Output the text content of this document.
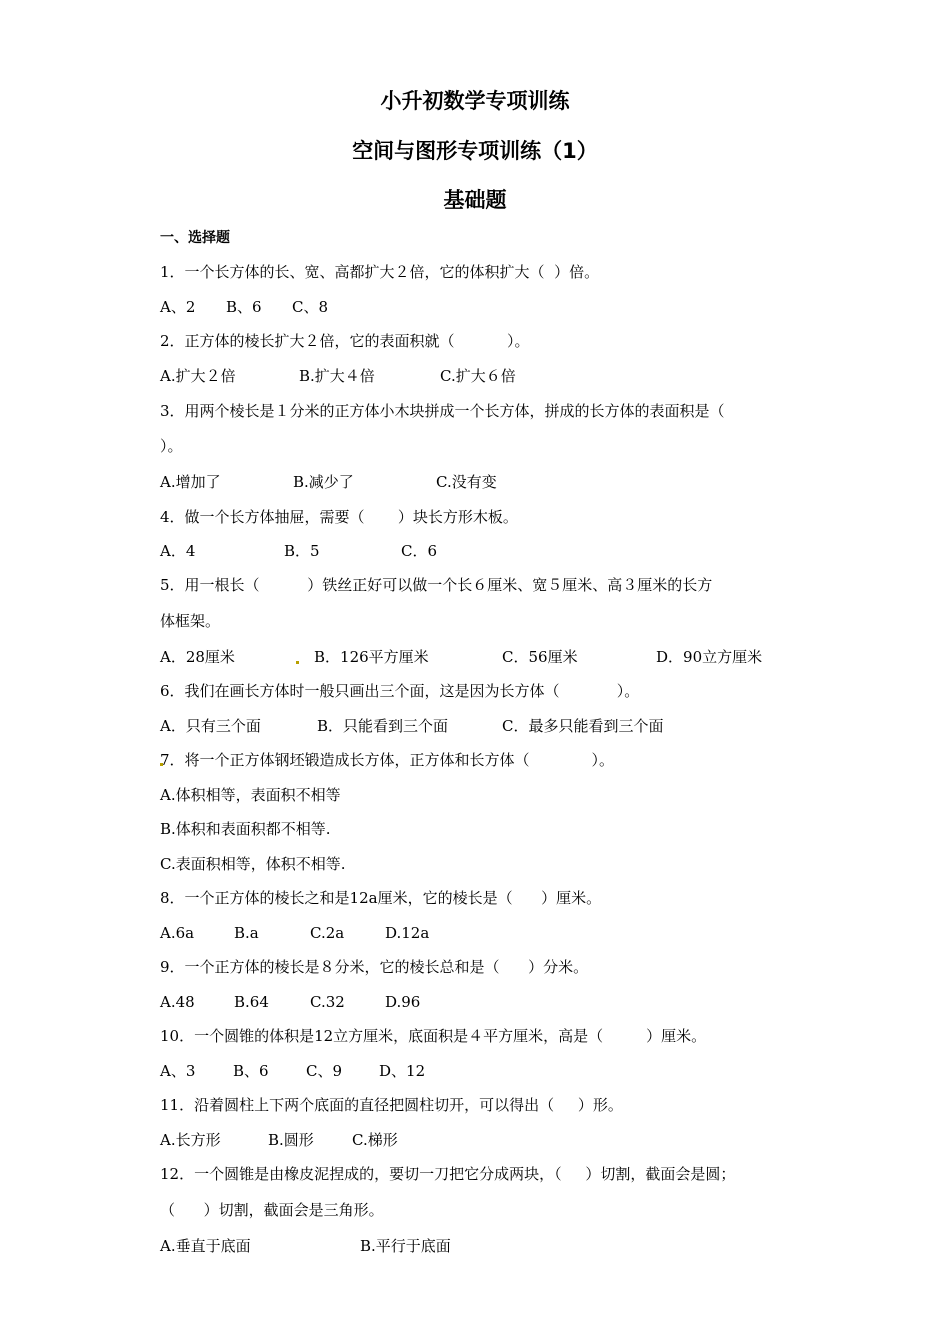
小升初数学专项训练
空间与图形专项训练（1）
基础题
一、选择题
1．一个长方体的长、宽、高都扩大２倍，它的体积扩大（  ）倍。
A、2 B、6 C、8
2．正方体的棱长扩大２倍，它的表面积就（           ）。
A.扩大２倍	B.扩大４倍	C.扩大６倍
3．用两个棱长是１分米的正方体小木块拼成一个长方体，拼成的长方体的表面积是（
）。
A.增加了	B.减少了	C.没有变
4．做一个长方体抽屉，需要（       ）块长方形木板。
A．4	B．5	C．6
5．用一根长（          ）铁丝正好可以做一个长６厘米、宽５厘米、高３厘米的长方
体框架。
A．28厘米	B．126平方厘米	C．56厘米	D．90立方厘米
6．我们在画长方体时一般只画出三个面，这是因为长方体（            ）。
A．只有三个面	B．只能看到三个面	C．最多只能看到三个面
7．将一个正方体钢坯锻造成长方体，正方体和长方体（             ）。
A.体积相等，表面积不相等
B.体积和表面积都不相等.
C.表面积相等，体积不相等.
8．一个正方体的棱长之和是12a厘米，它的棱长是（      ）厘米。
A.6a	B.a	C.2a	D.12a
9．一个正方体的棱长是８分米，它的棱长总和是（      ）分米。
A.48	B.64	C.32	D.96
10．一个圆锥的体积是12立方厘米，底面积是４平方厘米，高是（         ）厘米。
A、3	B、6 C、9 D、12
11．沿着圆柱上下两个底面的直径把圆柱切开，可以得出（     ）形。
A.长方形	B.圆形	C.梯形
12．一个圆锥是由橡皮泥捏成的，要切一刀把它分成两块，（     ）切割，截面会是圆；
（      ）切割，截面会是三角形。
A.垂直于底面	B.平行于底面
